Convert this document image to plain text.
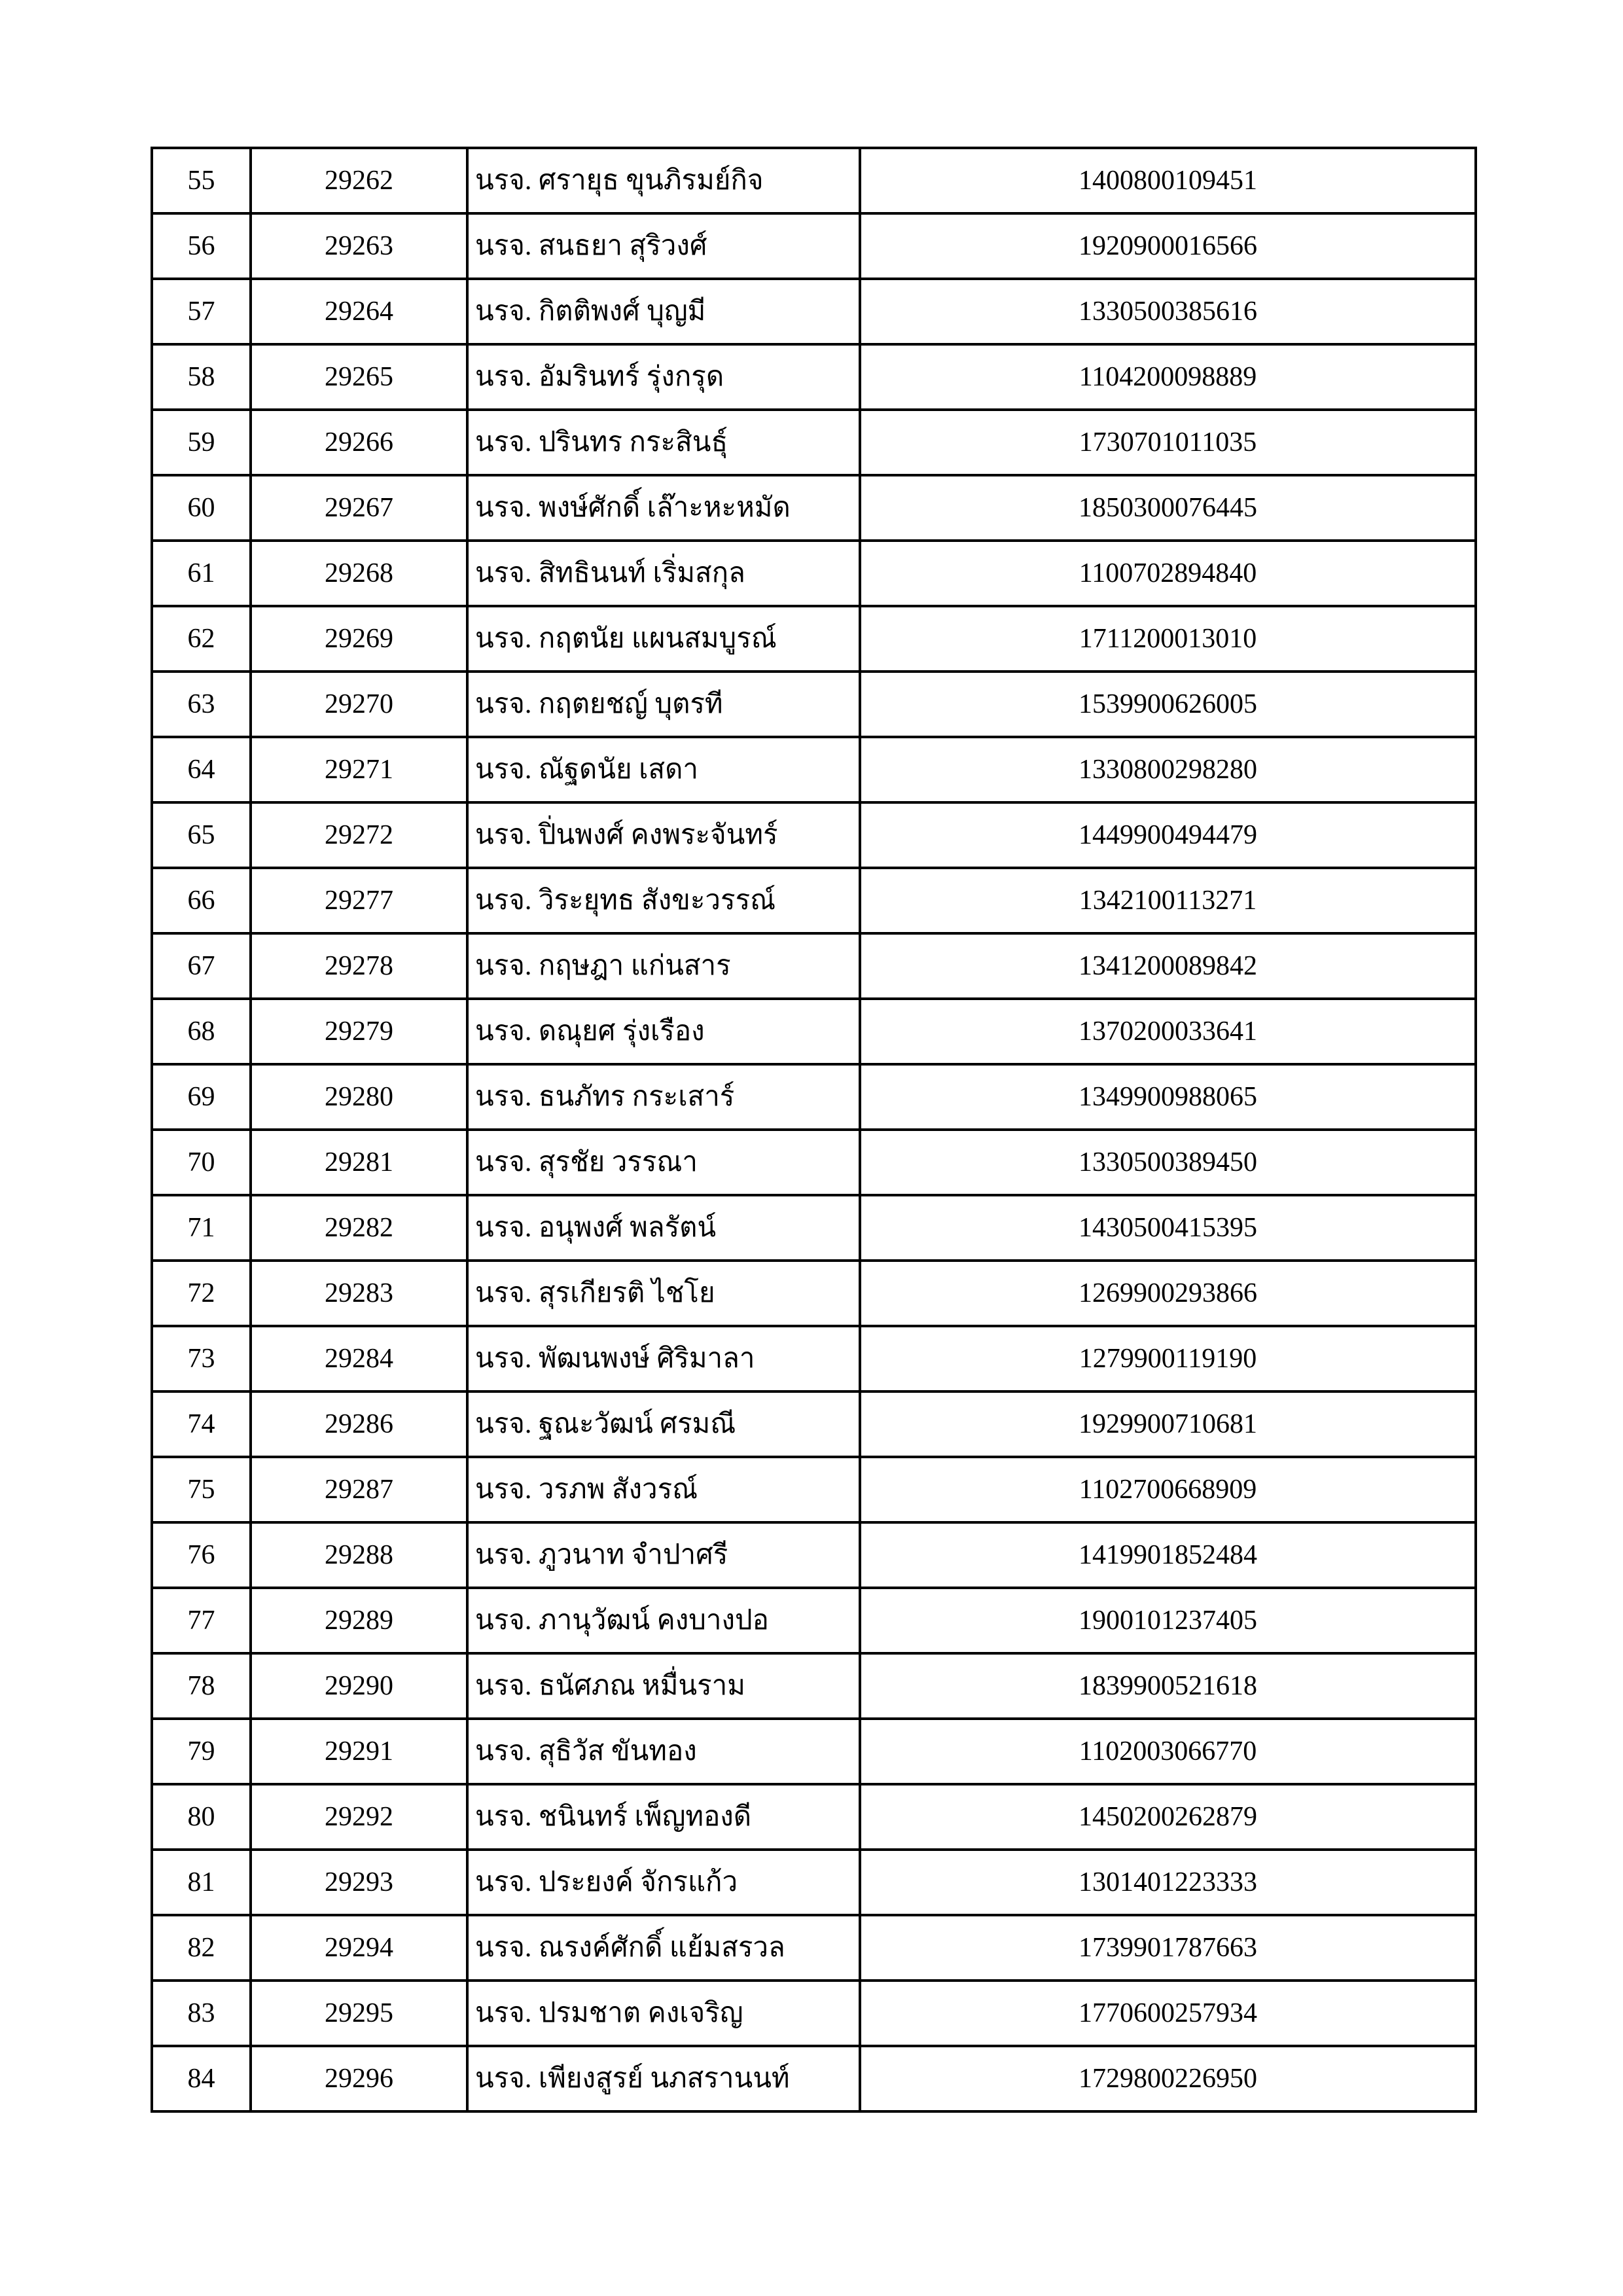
55	29262	นรจ. ศรายุธ ขุนภิรมย์กิจ	1400800109451
56	29263	นรจ. สนธยา สุริวงศ์	1920900016566
57	29264	นรจ. กิตติพงศ์ บุญมี	1330500385616
58	29265	นรจ. อัมรินทร์ รุ่งกรุด	1104200098889
59	29266	นรจ. ปรินทร กระสินธุ์	1730701011035
60	29267	นรจ. พงษ์ศักดิ์ เล๊าะหะหมัด	1850300076445
61	29268	นรจ. สิทธินนท์ เริ่มสกุล	1100702894840
62	29269	นรจ. กฤตนัย แผนสมบูรณ์	1711200013010
63	29270	นรจ. กฤตยชญ์ บุตรที	1539900626005
64	29271	นรจ. ณัฐดนัย เสดา	1330800298280
65	29272	นรจ. ปิ่นพงศ์ คงพระจันทร์	1449900494479
66	29277	นรจ. วิระยุทธ สังขะวรรณ์	1342100113271
67	29278	นรจ. กฤษฎา แก่นสาร	1341200089842
68	29279	นรจ. ดณุยศ รุ่งเรือง	1370200033641
69	29280	นรจ. ธนภัทร กระเสาร์	1349900988065
70	29281	นรจ. สุรชัย วรรณา	1330500389450
71	29282	นรจ. อนุพงศ์ พลรัตน์	1430500415395
72	29283	นรจ. สุรเกียรติ ไชโย	1269900293866
73	29284	นรจ. พัฒนพงษ์ ศิริมาลา	1279900119190
74	29286	นรจ. ฐณะวัฒน์ ศรมณี	1929900710681
75	29287	นรจ. วรภพ สังวรณ์	1102700668909
76	29288	นรจ. ภูวนาท จำปาศรี	1419901852484
77	29289	นรจ. ภานุวัฒน์ คงบางปอ	1900101237405
78	29290	นรจ. ธนัศภณ หมื่นราม	1839900521618
79	29291	นรจ. สุธิวัส ขันทอง	1102003066770
80	29292	นรจ. ชนินทร์ เพ็ญทองดี	1450200262879
81	29293	นรจ. ประยงค์ จักรแก้ว	1301401223333
82	29294	นรจ. ณรงค์ศักดิ์ แย้มสรวล	1739901787663
83	29295	นรจ. ปรมชาต คงเจริญ	1770600257934
84	29296	นรจ. เพียงสูรย์ นภสรานนท์	1729800226950
